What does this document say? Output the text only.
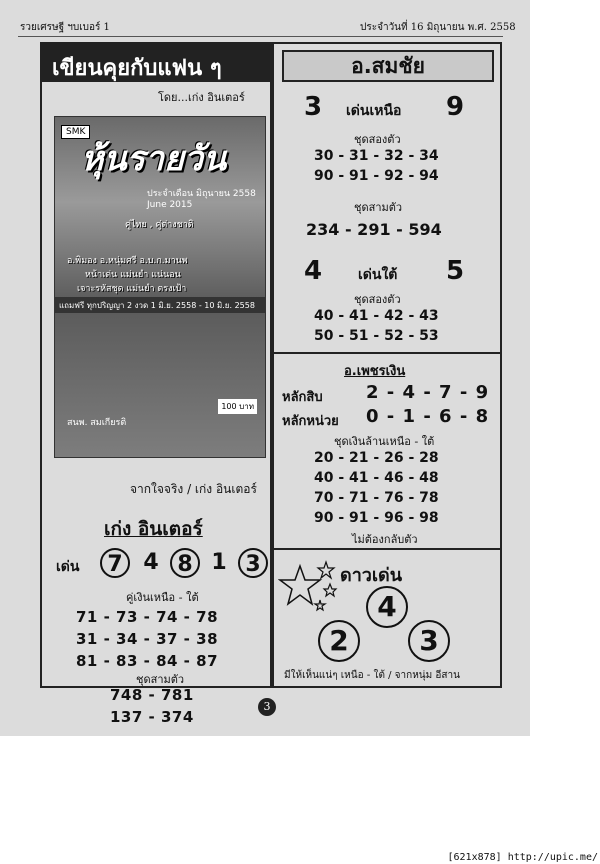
รวยเศรษฐี ฯบเบอร์ 1	ประจำวันที่ 16 มิถุนายน พ.ศ. 2558
เขียนคุยกับแฟน ๆ
โดย...เก่ง อินเตอร์
SMK
หุ้นรายวัน
ประจำเดือน มิถุนายน 2558
June 2015
คู่ไทย , คู่ต่างชาติ
อ.พิมอง อ.หนุ่มศรี อ.บ.ก.มานพ
หน้าเด่น แม่นยำ แน่นอน
เจาะรหัสชุด แม่นยำ ตรงเป้า
แถมฟรี ทุกปริญญา 2 งวด 1 มิ.ย. 2558 - 10 มิ.ย. 2558
100 บาท
สนพ. สมเกียรติ
จากใจจริง / เก่ง อินเตอร์
เก่ง อินเตอร์
เด่น	7 4 8 1 3
คู่เงินเหนือ - ใต้
71 - 73 - 74 - 78
31 - 34 - 37 - 38
81 - 83 - 84 - 87
ชุดสามตัว
748 - 781
137 - 374
อ.สมชัย
3 เด่นเหนือ 9
ชุดสองตัว
30 - 31 - 32 - 34
90 - 91 - 92 - 94
ชุดสามตัว
234 - 291 - 594
4	เด่นใต้ 5
ชุดสองตัว
40 - 41 - 42 - 43
50 - 51 - 52 - 53
อ.เพชรเงิน
หลักสิบ 2 - 4 - 7 - 9
หลักหน่วย 0 - 1 - 6 - 8
ชุดเงินล้านเหนือ - ใต้
20 - 21 - 26 - 28
40 - 41 - 46 - 48
70 - 71 - 76 - 78
90 - 91 - 96 - 98
ไม่ต้องกลับตัว
ดาวเด่น
4
2	3
มีให้เห็นแน่ๆ เหนือ - ใต้ / จากหนุ่ม อีสาน
3
[621x878] http://upic.me/
